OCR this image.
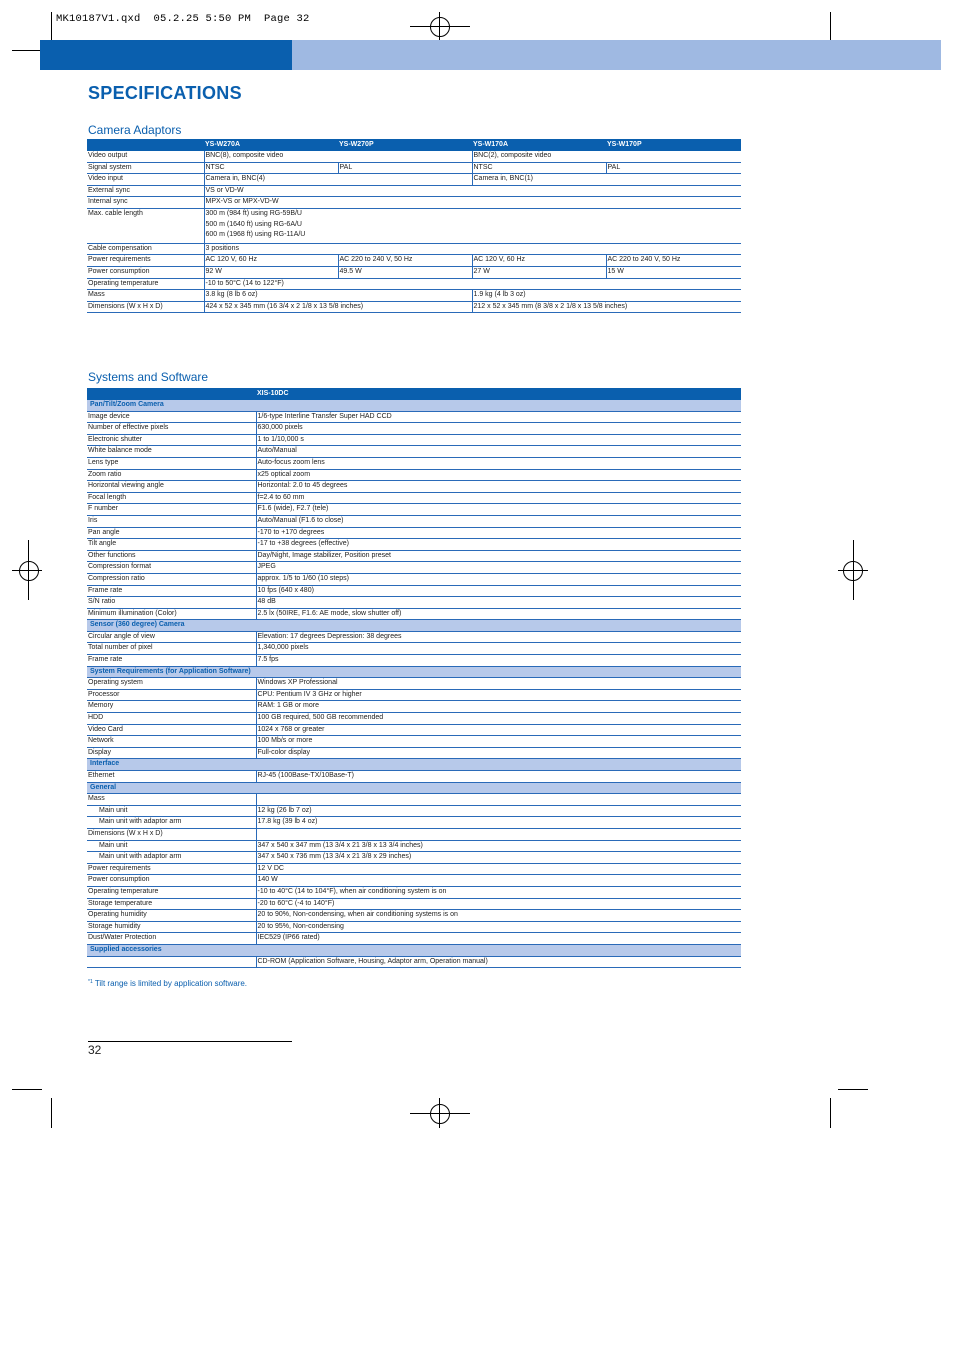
MK10187V1.qxd  05.2.25 5:50 PM  Page 32
SPECIFICATIONS
Camera Adaptors
	YS-W270A	YS-W270P	YS-W170A	YS-W170P
Video output	BNC(8), composite video		BNC(2), composite video	
Signal system	NTSC	PAL	NTSC	PAL
Video input	Camera in, BNC(4)		Camera in, BNC(1)	
External sync	VS or VD-W			
Internal sync	MPX-VS or MPX-VD-W			
Max. cable length	300 m (984 ft) using RG-59B/U
500 m (1640 ft) using RG-6A/U
600 m (1968 ft) using RG-11A/U			

Cable compensation	3 positions			
Power requirements	AC 120 V, 60 Hz	AC 220 to 240 V, 50 Hz	AC 120 V, 60 Hz	AC 220 to 240 V, 50 Hz
Power consumption	92 W	49.5 W	27 W	15 W
Operating temperature	-10 to 50°C (14 to 122°F)			
Mass	3.8 kg (8 lb 6 oz)		1.9 kg (4 lb 3 oz)	
Dimensions (W x H x D)	424 x 52 x 345 mm (16 3/4 x 2 1/8 x 13 5/8 inches)		212 x 52 x 345 mm (8 3/8 x 2 1/8 x 13 5/8 inches)	
Systems and Software
	XIS-10DC
Pan/Tilt/Zoom Camera	
Image device	1/6-type Interline Transfer Super HAD CCD
Number of effective pixels	630,000 pixels
Electronic shutter	1 to 1/10,000 s
White balance mode	Auto/Manual
Lens type	Auto-focus zoom lens
Zoom ratio	x25 optical zoom
Horizontal viewing angle	Horizontal: 2.0 to 45 degrees
Focal length	f=2.4 to 60 mm
F number	F1.6 (wide), F2.7 (tele)
Iris	Auto/Manual (F1.6 to close)
Pan angle	-170 to +170 degrees
Tilt angle	-17 to +38 degrees (effective)
Other functions	Day/Night, Image stabilizer, Position preset
Compression format	JPEG
Compression ratio	approx. 1/5 to 1/60 (10 steps)
Frame rate	10 fps (640 x 480)
S/N ratio	48 dB
Minimum illumination (Color)	2.5 lx (50IRE, F1.6: AE mode, slow shutter off)
Sensor (360 degree) Camera	
Circular angle of view	Elevation: 17 degrees Depression: 38 degrees
Total number of pixel	1,340,000 pixels
Frame rate	7.5 fps
System Requirements (for Application Software)	
Operating system	Windows XP Professional
Processor	CPU: Pentium IV 3 GHz or higher
Memory	RAM: 1 GB or more
HDD	100 GB required, 500 GB recommended
Video Card	1024 x 768 or greater
Network	100 Mb/s or more
Display	Full-color display
Interface	
Ethernet	RJ-45 (100Base-TX/10Base-T)
General	
Mass	
Main unit	12 kg (26 lb 7 oz)
Main unit with adaptor arm	17.8 kg (39 lb 4 oz)
Dimensions (W x H x D)	
Main unit	347 x 540 x 347 mm (13 3/4 x 21 3/8 x 13 3/4 inches)
Main unit with adaptor arm	347 x 540 x 736 mm (13 3/4 x 21 3/8 x 29 inches)
Power requirements	12 V DC
Power consumption	140 W
Operating temperature	-10 to 40°C (14 to 104°F), when air conditioning system is on
Storage temperature	-20 to 60°C (-4 to 140°F)
Operating humidity	20 to 90%, Non-condensing, when air conditioning systems is on
Storage humidity	20 to 95%, Non-condensing
Dust/Water Protection	IEC529 (IP66 rated)
Supplied accessories	
	CD-ROM (Application Software, Housing, Adaptor arm, Operation manual)
$^{*1}$ Tilt range is limited by application software.
32
